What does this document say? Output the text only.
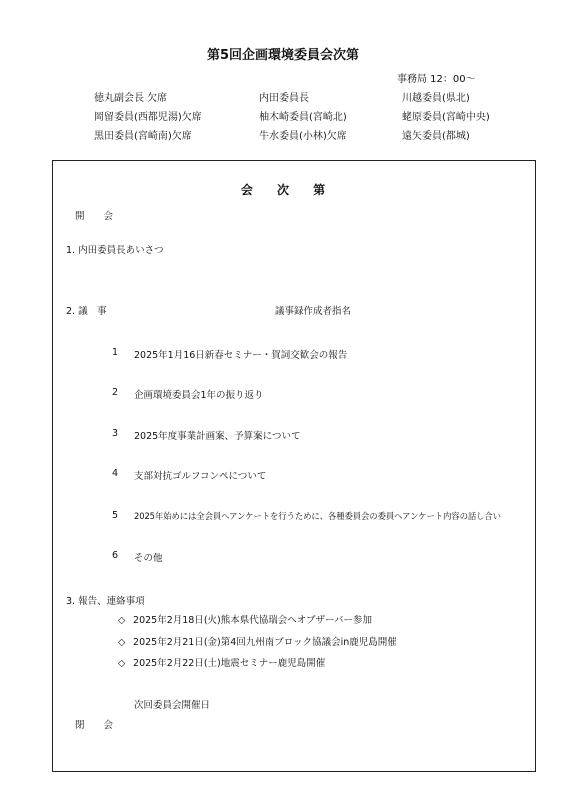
第5回企画環境委員会次第
事務局 12：00～
徳丸副会長 欠席	内田委員長	川越委員(県北)
岡留委員(西都児湯)欠席	柚木崎委員(宮崎北)	蛯原委員(宮崎中央)
黒田委員(宮崎南)欠席	牛水委員(小林)欠席	遠矢委員(都城)
会 次 第
開　　会
1. 内田委員長あいさつ
2. 議　事	議事録作成者指名
1 2025年1月16日新春セミナー・賀詞交歓会の報告
2 企画環境委員会1年の振り返り
3 2025年度事業計画案、予算案について
4 支部対抗ゴルフコンペについて
5 2025年始めには全会員へアンケートを行うために、各種委員会の委員へアンケート内容の話し合い
6 その他
3. 報告、連絡事項
◇ 2025年2月18日(火)熊本県代協瑞会へオブザーバー参加
◇ 2025年2月21日(金)第4回九州南ブロック協議会in鹿児島開催
◇ 2025年2月22日(土)地震セミナー鹿児島開催
次回委員会開催日
閉　　会
